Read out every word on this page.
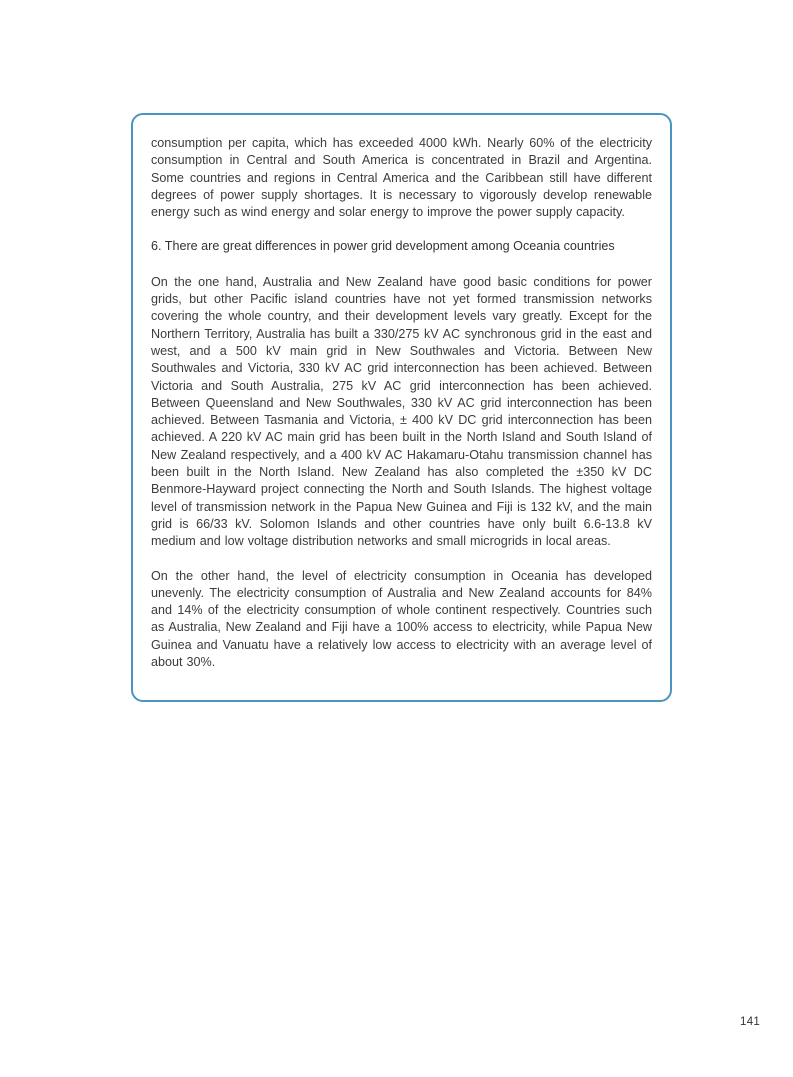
consumption per capita, which has exceeded 4000 kWh. Nearly 60% of the electricity consumption in Central and South America is concentrated in Brazil and Argentina. Some countries and regions in Central America and the Caribbean still have different degrees of power supply shortages. It is necessary to vigorously develop renewable energy such as wind energy and solar energy to improve the power supply capacity.

6. There are great differences in power grid development among Oceania countries

On the one hand, Australia and New Zealand have good basic conditions for power grids, but other Pacific island countries have not yet formed transmission networks covering the whole country, and their development levels vary greatly. Except for the Northern Territory, Australia has built a 330/275 kV AC synchronous grid in the east and west, and a 500 kV main grid in New Southwales and Victoria. Between New Southwales and Victoria, 330 kV AC grid interconnection has been achieved. Between Victoria and South Australia, 275 kV AC grid interconnection has been achieved. Between Queensland and New Southwales, 330 kV AC grid interconnection has been achieved. Between Tasmania and Victoria, ± 400 kV DC grid interconnection has been achieved. A 220 kV AC main grid has been built in the North Island and South Island of New Zealand respectively, and a 400 kV AC Hakamaru-Otahu transmission channel has been built in the North Island. New Zealand has also completed the ±350 kV DC Benmore-Hayward project connecting the North and South Islands. The highest voltage level of transmission network in the Papua New Guinea and Fiji is 132 kV, and the main grid is 66/33 kV. Solomon Islands and other countries have only built 6.6-13.8 kV medium and low voltage distribution networks and small microgrids in local areas.

On the other hand, the level of electricity consumption in Oceania has developed unevenly. The electricity consumption of Australia and New Zealand accounts for 84% and 14% of the electricity consumption of whole continent respectively. Countries such as Australia, New Zealand and Fiji have a 100% access to electricity, while Papua New Guinea and Vanuatu have a relatively low access to electricity with an average level of about 30%.

141
